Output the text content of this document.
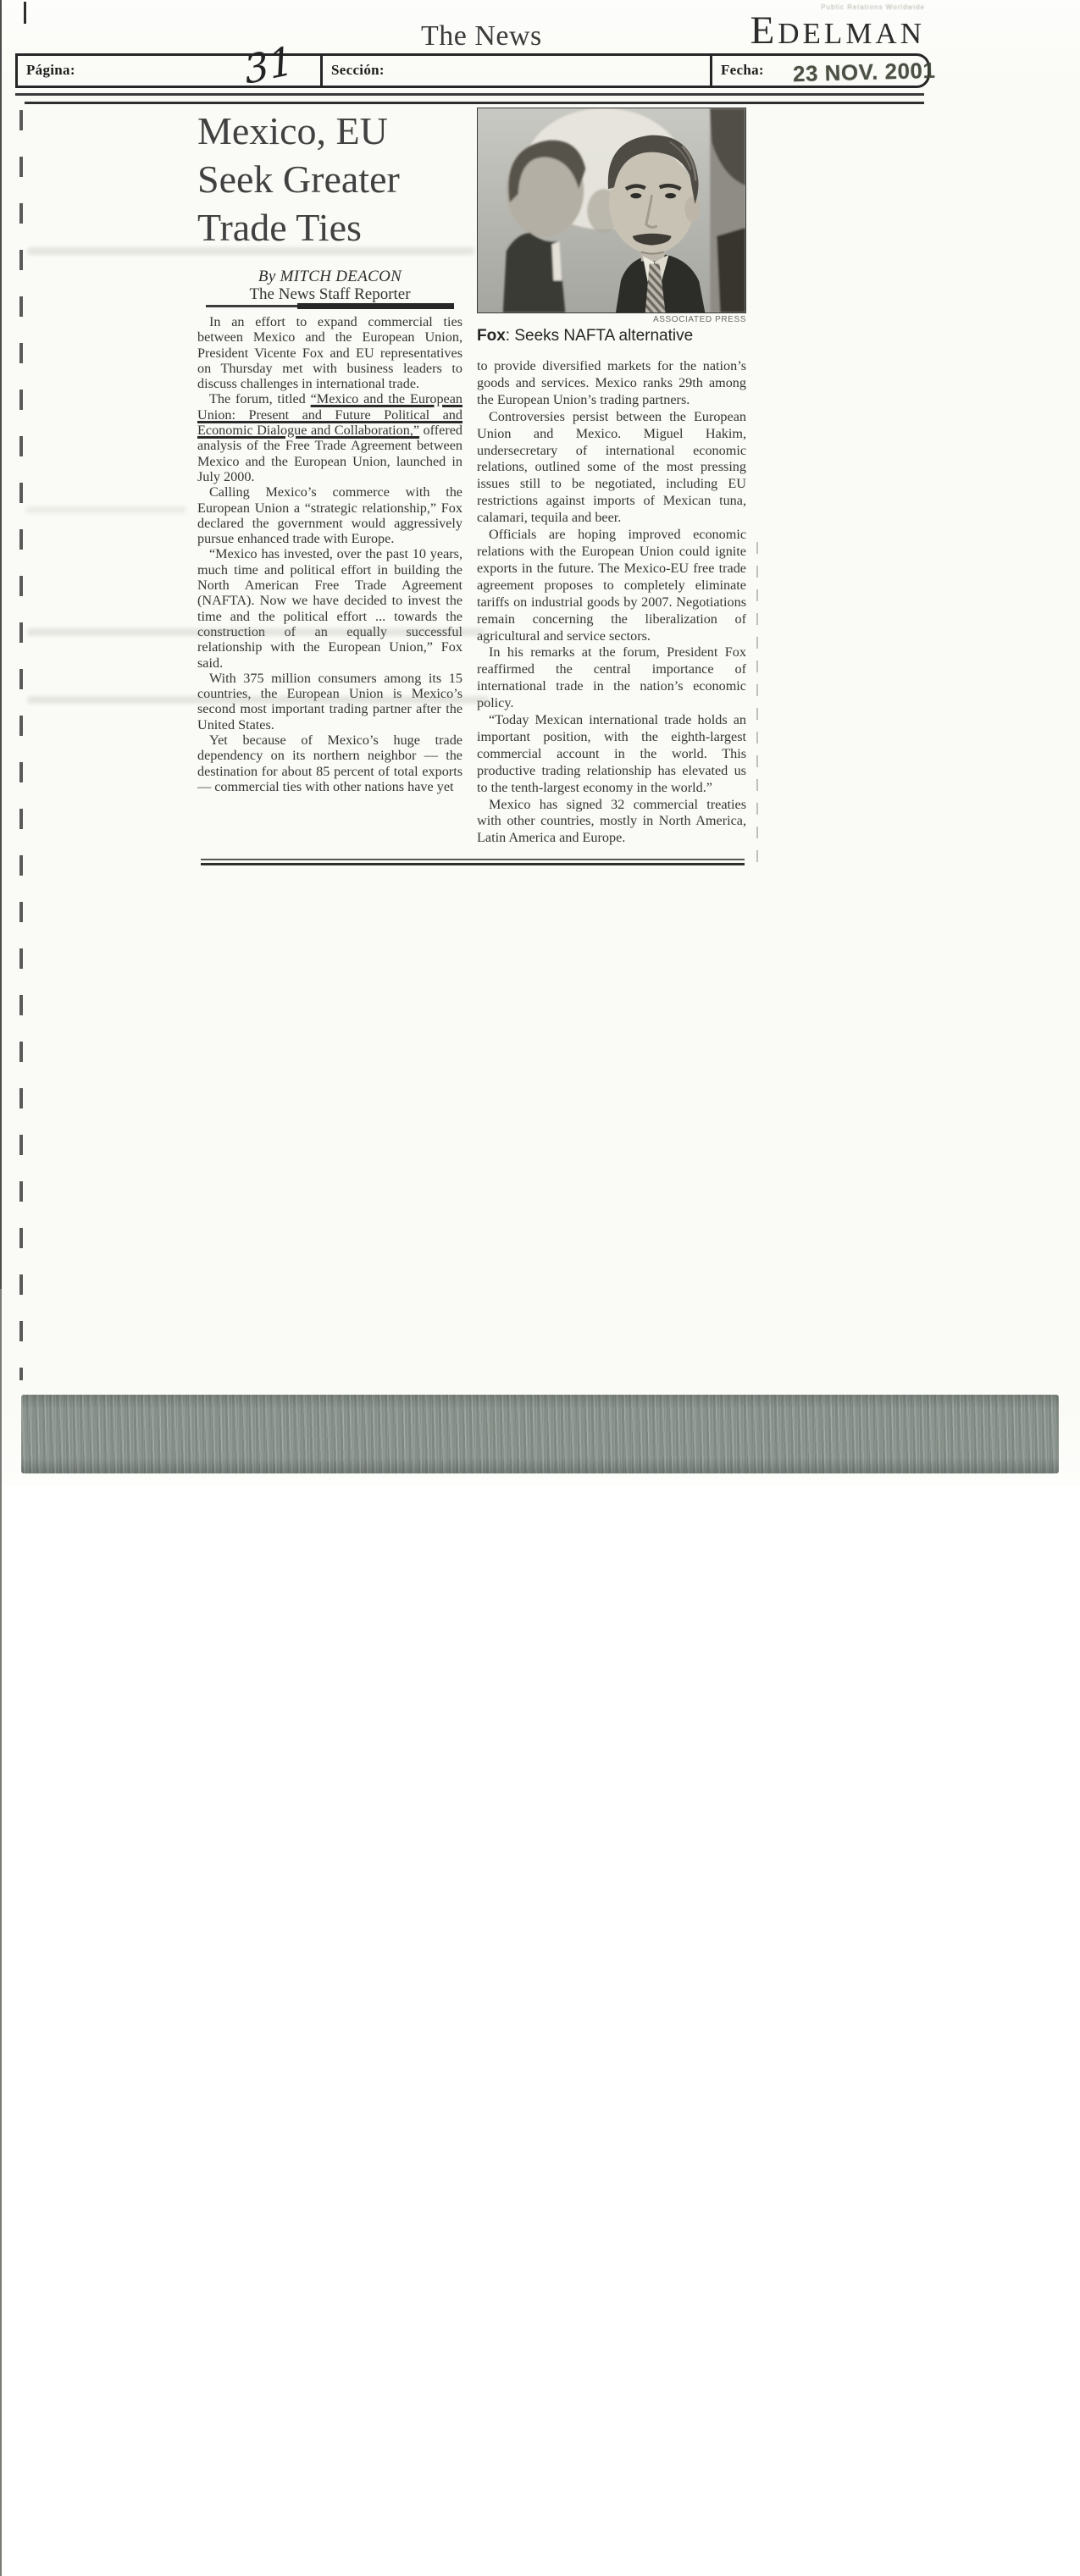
The News
Public Relations Worldwide
EDELMAN
Página:	Sección:	Fecha: 23 NOV. 2001
31
Mexico, EU Seek Greater Trade Ties
By MITCH DEACON
The News Staff Reporter

In an effort to expand commercial ties between Mexico and the European Union, President Vicente Fox and EU representatives on Thursday met with business leaders to discuss challenges in international trade.

The forum, titled “Mexico and the European Union: Present and Future Political and Economic Dialogue and Collaboration,” offered analysis of the Free Trade Agreement between Mexico and the European Union, launched in July 2000.

Calling Mexico’s commerce with the European Union a “strategic relationship,” Fox declared the government would aggressively pursue enhanced trade with Europe.

“Mexico has invested, over the past 10 years, much time and political effort in building the North American Free Trade Agreement (NAFTA). Now we have decided to invest the time and the political effort ... towards the construction of an equally successful relationship with the European Union,” Fox said.

With 375 million consumers among its 15 countries, the European Union is Mexico’s second most important trading partner after the United States.

Yet because of Mexico’s huge trade dependency on its northern neighbor — the destination for about 85 percent of total exports — commercial ties with other nations have yet

ASSOCIATED PRESS
Fox: Seeks NAFTA alternative

to provide diversified markets for the nation’s goods and services. Mexico ranks 29th among the European Union’s trading partners.

Controversies persist between the European Union and Mexico. Miguel Hakim, undersecretary of international economic relations, outlined some of the most pressing issues still to be negotiated, including EU restrictions against imports of Mexican tuna, calamari, tequila and beer.

Officials are hoping improved economic relations with the European Union could ignite exports in the future. The Mexico-EU free trade agreement proposes to completely eliminate tariffs on industrial goods by 2007. Negotiations remain concerning the liberalization of agricultural and service sectors.

In his remarks at the forum, President Fox reaffirmed the central importance of international trade in the nation’s economic policy.

“Today Mexican international trade holds an important position, with the eighth-largest commercial account in the world. This productive trading relationship has elevated us to the tenth-largest economy in the world.”

Mexico has signed 32 commercial treaties with other countries, mostly in North America, Latin America and Europe.
